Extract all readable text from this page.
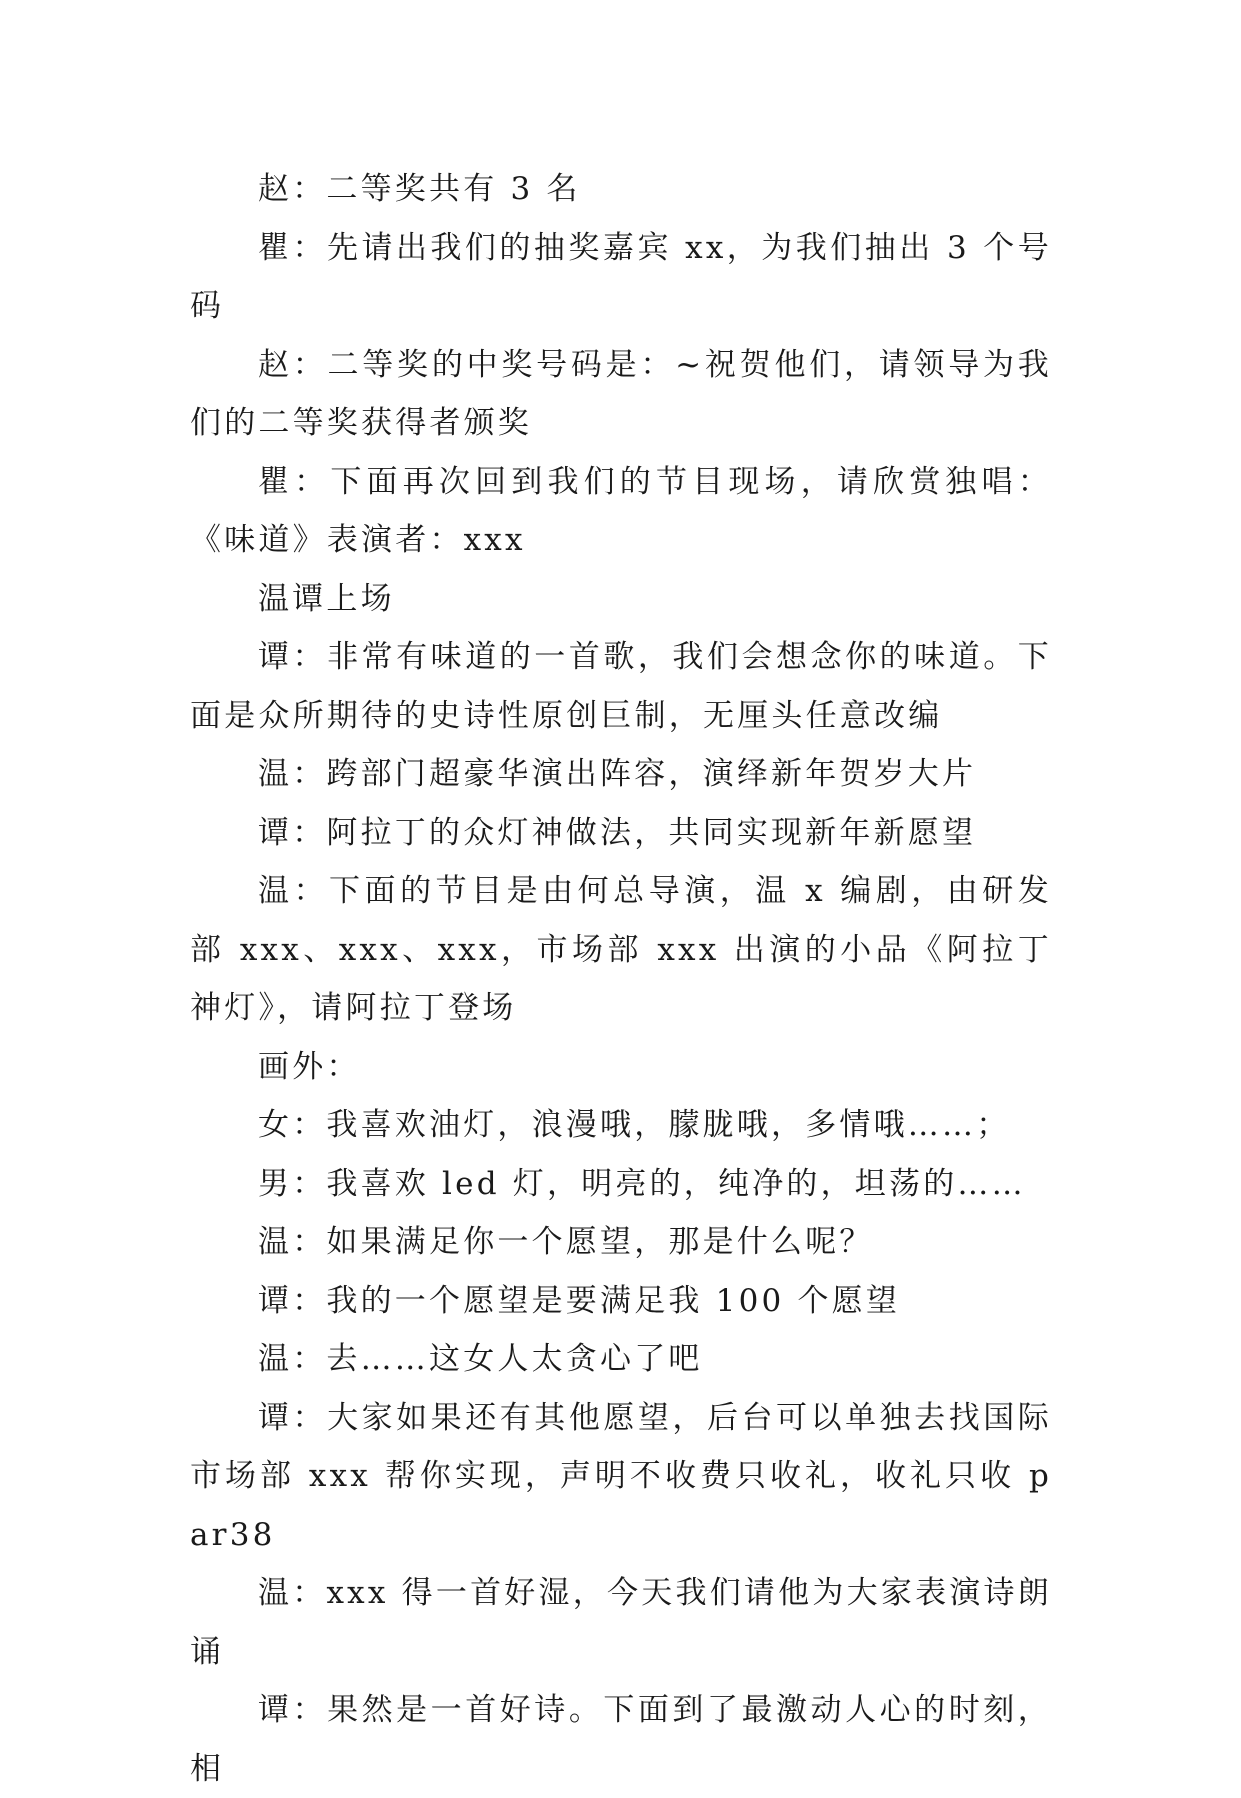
赵：二等奖共有 3 名

瞿：先请出我们的抽奖嘉宾 xx，为我们抽出 3 个号码

赵：二等奖的中奖号码是：~祝贺他们，请领导为我们的二等奖获得者颁奖

瞿：下面再次回到我们的节目现场，请欣赏独唱：《味道》表演者：xxx

温谭上场

谭：非常有味道的一首歌，我们会想念你的味道。下面是众所期待的史诗性原创巨制，无厘头任意改编

温：跨部门超豪华演出阵容，演绎新年贺岁大片

谭：阿拉丁的众灯神做法，共同实现新年新愿望

温：下面的节目是由何总导演，温 x 编剧，由研发部 xxx、xxx、xxx，市场部 xxx 出演的小品《阿拉丁神灯》，请阿拉丁登场

画外：

女：我喜欢油灯，浪漫哦，朦胧哦，多情哦……；

男：我喜欢 led 灯，明亮的，纯净的，坦荡的……

温：如果满足你一个愿望，那是什么呢？

谭：我的一个愿望是要满足我 100 个愿望

温：去……这女人太贪心了吧

谭：大家如果还有其他愿望，后台可以单独去找国际市场部 xxx 帮你实现，声明不收费只收礼，收礼只收 par38

温：xxx 得一首好湿，今天我们请他为大家表演诗朗诵

谭：果然是一首好诗。下面到了最激动人心的时刻，相
